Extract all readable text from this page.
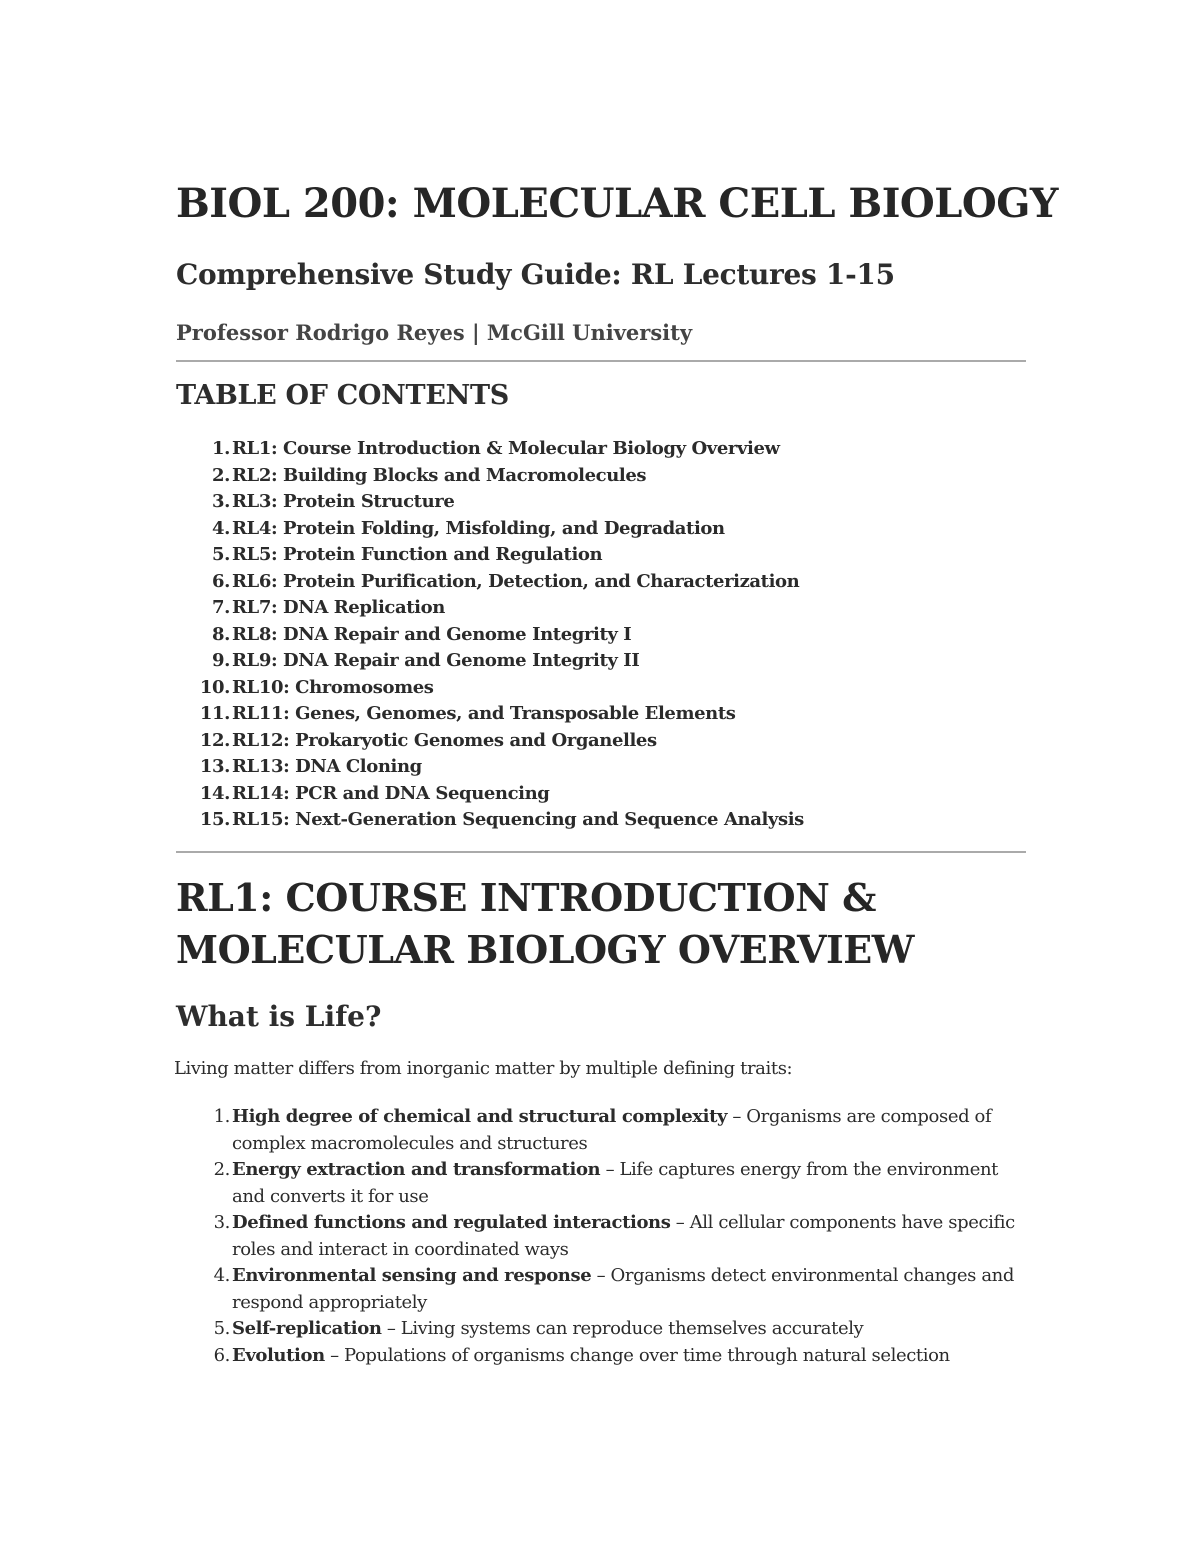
BIOL 200: MOLECULAR CELL BIOLOGY
Comprehensive Study Guide: RL Lectures 1-15

Professor Rodrigo Reyes | McGill University

TABLE OF CONTENTS
1. RL1: Course Introduction & Molecular Biology Overview
2. RL2: Building Blocks and Macromolecules
3. RL3: Protein Structure
4. RL4: Protein Folding, Misfolding, and Degradation
5. RL5: Protein Function and Regulation
6. RL6: Protein Purification, Detection, and Characterization
7. RL7: DNA Replication
8. RL8: DNA Repair and Genome Integrity I
9. RL9: DNA Repair and Genome Integrity II
10. RL10: Chromosomes
11. RL11: Genes, Genomes, and Transposable Elements
12. RL12: Prokaryotic Genomes and Organelles
13. RL13: DNA Cloning
14. RL14: PCR and DNA Sequencing
15. RL15: Next-Generation Sequencing and Sequence Analysis
RL1: COURSE INTRODUCTION &
MOLECULAR BIOLOGY OVERVIEW
What is Life?

Living matter differs from inorganic matter by multiple defining traits:

1. High degree of chemical and structural complexity – Organisms are composed of complex macromolecules and structures
2. Energy extraction and transformation – Life captures energy from the environment and converts it for use
3. Defined functions and regulated interactions – All cellular components have specific roles and interact in coordinated ways
4. Environmental sensing and response – Organisms detect environmental changes and respond appropriately
5. Self-replication – Living systems can reproduce themselves accurately
6. Evolution – Populations of organisms change over time through natural selection
